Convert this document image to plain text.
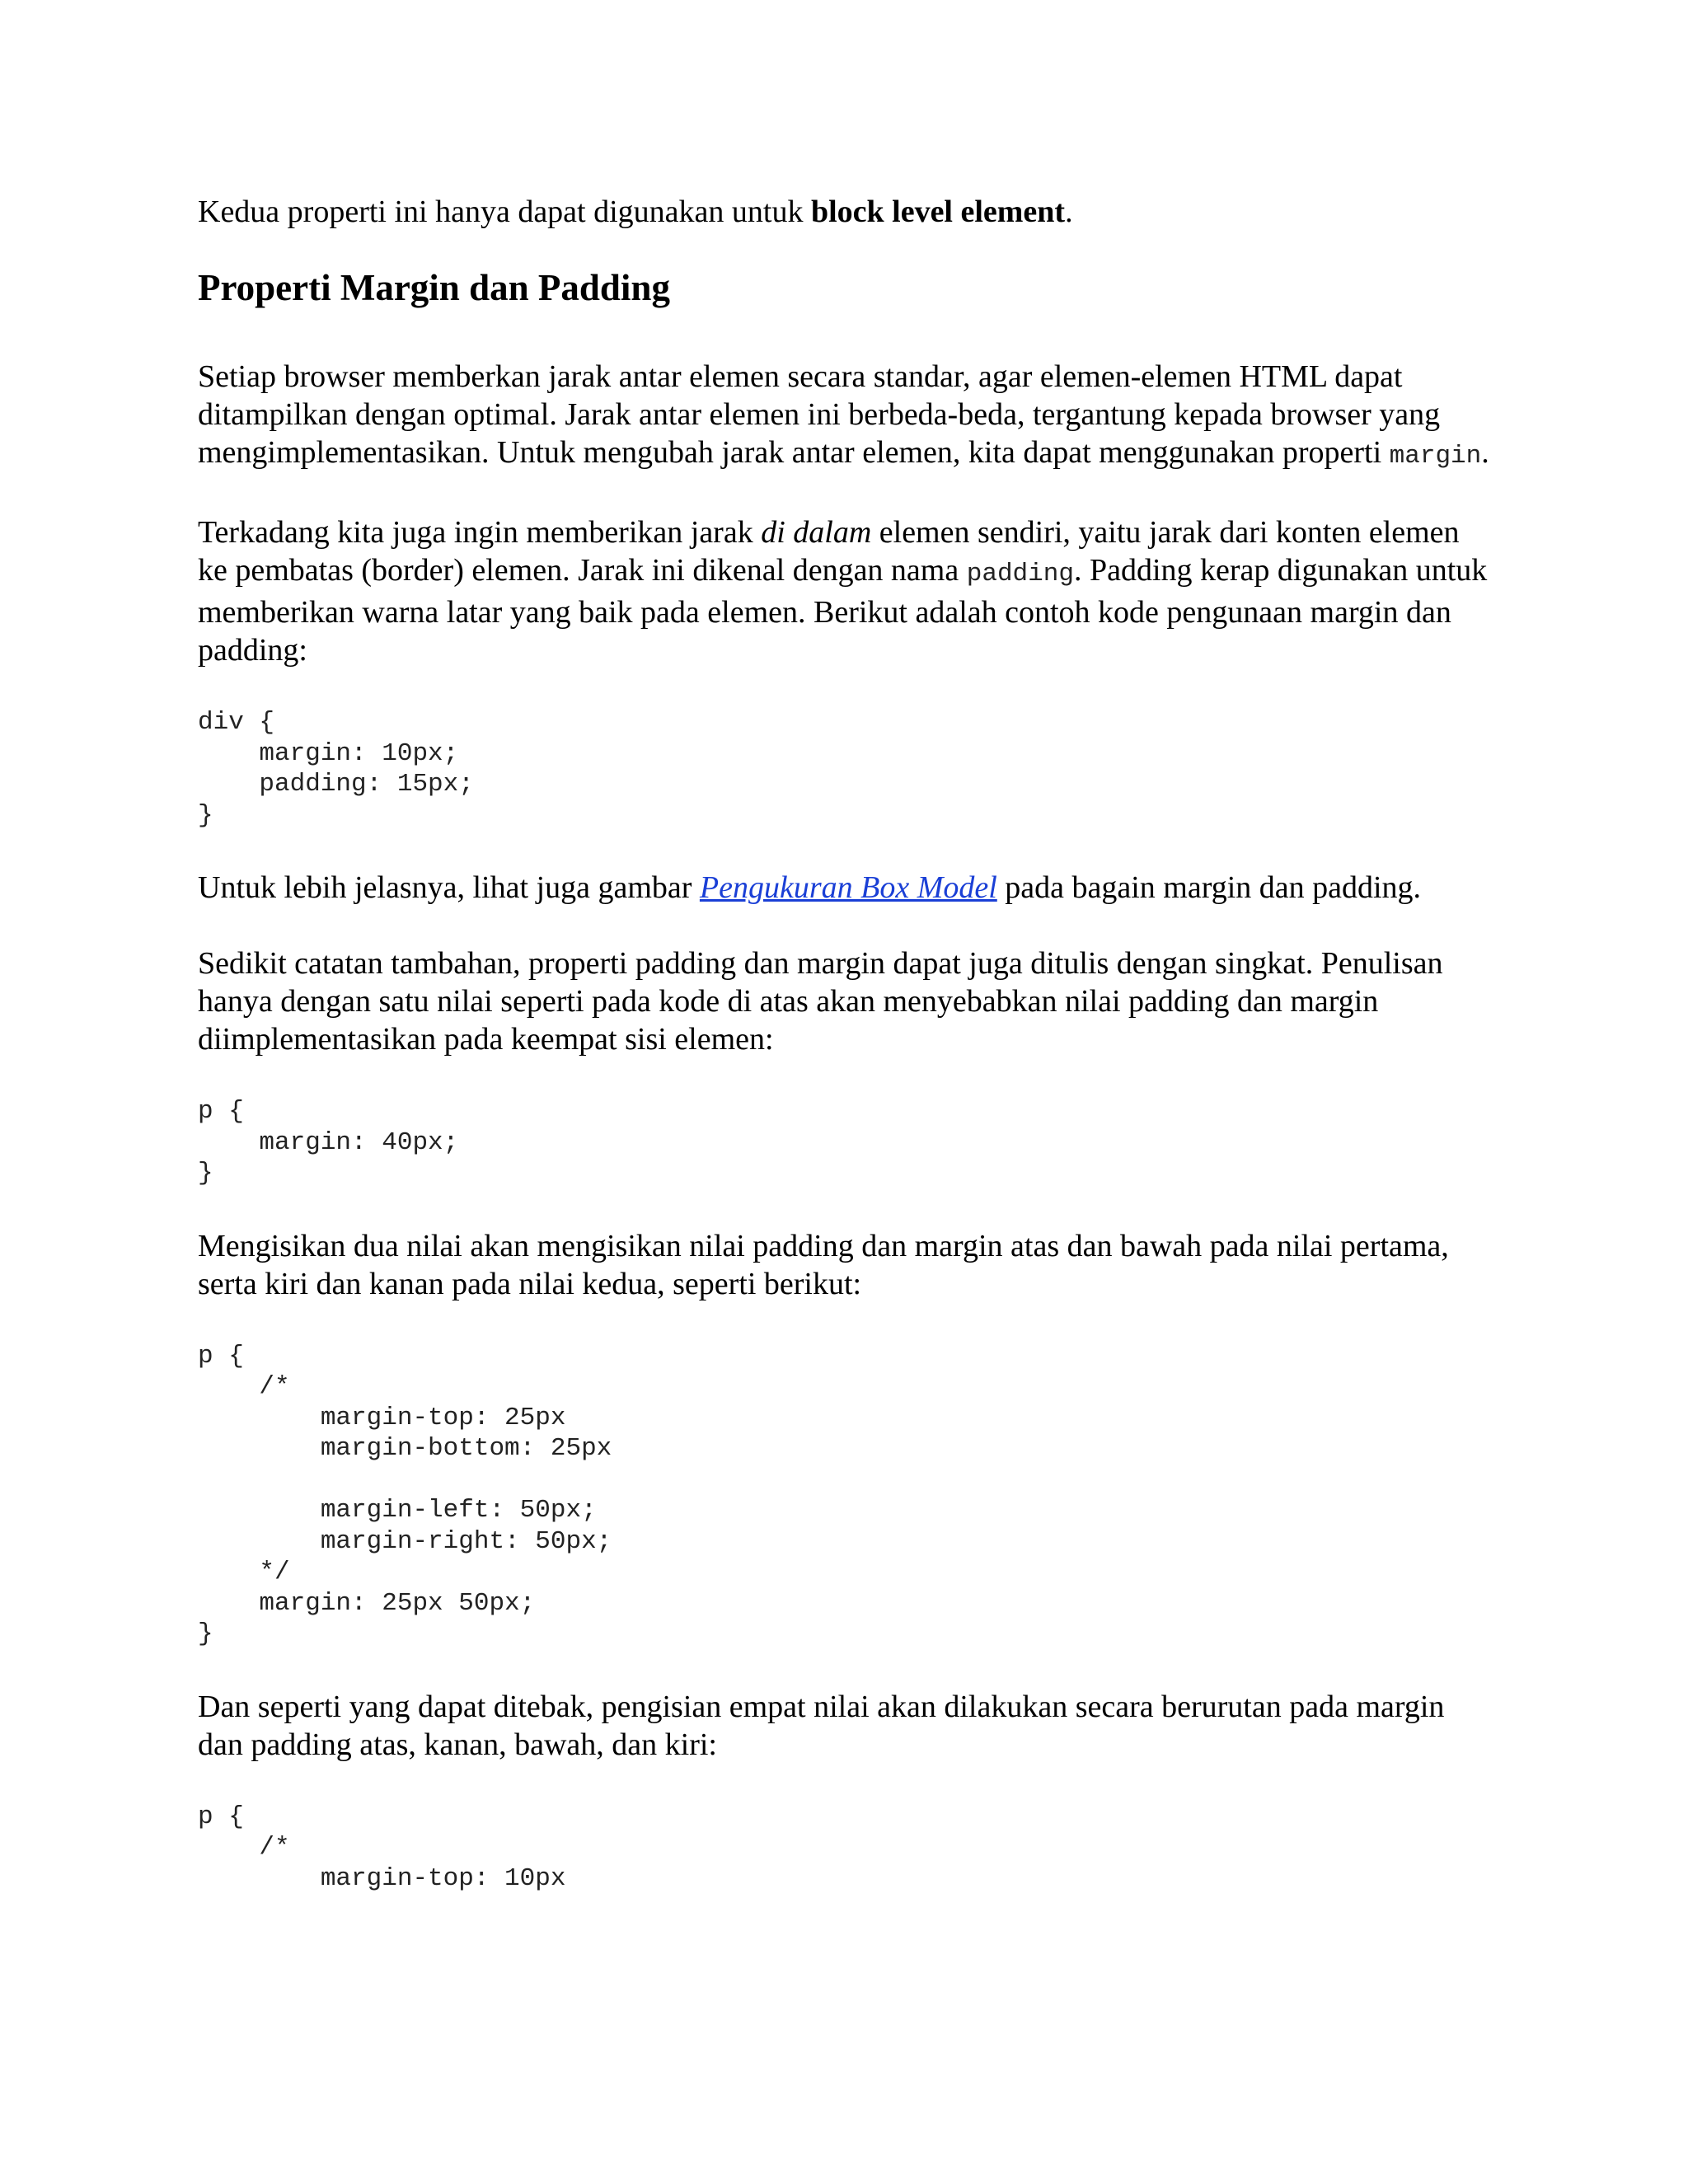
Kedua properti ini hanya dapat digunakan untuk block level element.

Properti Margin dan Padding

Setiap browser memberkan jarak antar elemen secara standar, agar elemen-elemen HTML dapat ditampilkan dengan optimal. Jarak antar elemen ini berbeda-beda, tergantung kepada browser yang mengimplementasikan. Untuk mengubah jarak antar elemen, kita dapat menggunakan properti margin.

Terkadang kita juga ingin memberikan jarak di dalam elemen sendiri, yaitu jarak dari konten elemen ke pembatas (border) elemen. Jarak ini dikenal dengan nama padding. Padding kerap digunakan untuk memberikan warna latar yang baik pada elemen. Berikut adalah contoh kode pengunaan margin dan padding:

div {
margin: 10px;
padding: 15px;
}

Untuk lebih jelasnya, lihat juga gambar Pengukuran Box Model pada bagain margin dan padding.

Sedikit catatan tambahan, properti padding dan margin dapat juga ditulis dengan singkat. Penulisan hanya dengan satu nilai seperti pada kode di atas akan menyebabkan nilai padding dan margin diimplementasikan pada keempat sisi elemen:

p {
margin: 40px;
}

Mengisikan dua nilai akan mengisikan nilai padding dan margin atas dan bawah pada nilai pertama, serta kiri dan kanan pada nilai kedua, seperti berikut:

p {
/*
margin-top: 25px
margin-bottom: 25px

margin-left: 50px;
margin-right: 50px;
*/
margin: 25px 50px;
}

Dan seperti yang dapat ditebak, pengisian empat nilai akan dilakukan secara berurutan pada margin dan padding atas, kanan, bawah, dan kiri:

p {
/*
margin-top: 10px
